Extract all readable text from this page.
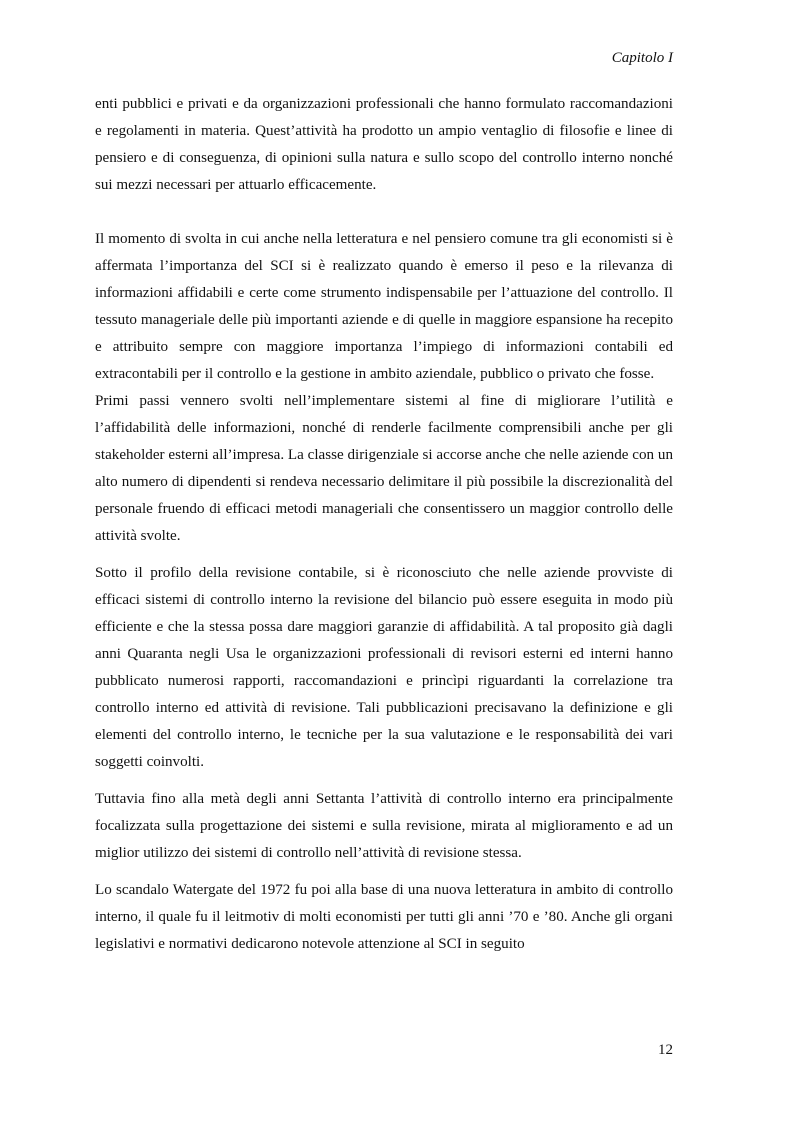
Capitolo I

enti pubblici e privati e da organizzazioni professionali che hanno formulato raccomandazioni e regolamenti in materia. Quest’attività ha prodotto un ampio ventaglio di filosofie e linee di pensiero e di conseguenza, di opinioni sulla natura e sullo scopo del controllo interno nonché sui mezzi necessari per attuarlo efficacemente.

Il momento di svolta in cui anche nella letteratura e nel pensiero comune tra gli economisti si è affermata l’importanza del SCI si è realizzato quando è emerso il peso e la rilevanza di informazioni affidabili e certe come strumento indispensabile per l’attuazione del controllo. Il tessuto manageriale delle più importanti aziende e di quelle in maggiore espansione ha recepito e attribuito sempre con maggiore importanza l’impiego di informazioni contabili ed extracontabili per il controllo e la gestione in ambito aziendale, pubblico o privato che fosse.

Primi passi vennero svolti nell’implementare sistemi al fine di migliorare l’utilità e l’affidabilità delle informazioni, nonché di renderle facilmente comprensibili anche per gli stakeholder esterni all’impresa. La classe dirigenziale si accorse anche che nelle aziende con un alto numero di dipendenti si rendeva necessario delimitare il più possibile la discrezionalità del personale fruendo di efficaci metodi manageriali che consentissero un maggior controllo delle attività svolte.

Sotto il profilo della revisione contabile, si è riconosciuto che nelle aziende provviste di efficaci sistemi di controllo interno la revisione del bilancio può essere eseguita in modo più efficiente e che la stessa possa dare maggiori garanzie di affidabilità. A tal proposito già dagli anni Quaranta negli Usa le organizzazioni professionali di revisori esterni ed interni hanno pubblicato numerosi rapporti, raccomandazioni e princìpi riguardanti la correlazione tra controllo interno ed attività di revisione. Tali pubblicazioni precisavano la definizione e gli elementi del controllo interno, le tecniche per la sua valutazione e le responsabilità dei vari soggetti coinvolti.

Tuttavia fino alla metà degli anni Settanta l’attività di controllo interno era principalmente focalizzata sulla progettazione dei sistemi e sulla revisione, mirata al miglioramento e ad un miglior utilizzo dei sistemi di controllo nell’attività di revisione stessa.

Lo scandalo Watergate del 1972 fu poi alla base di una nuova letteratura in ambito di controllo interno, il quale fu il leitmotiv di molti economisti per tutti gli anni ’70 e ’80. Anche gli organi legislativi e normativi dedicarono notevole attenzione al SCI in seguito

12
